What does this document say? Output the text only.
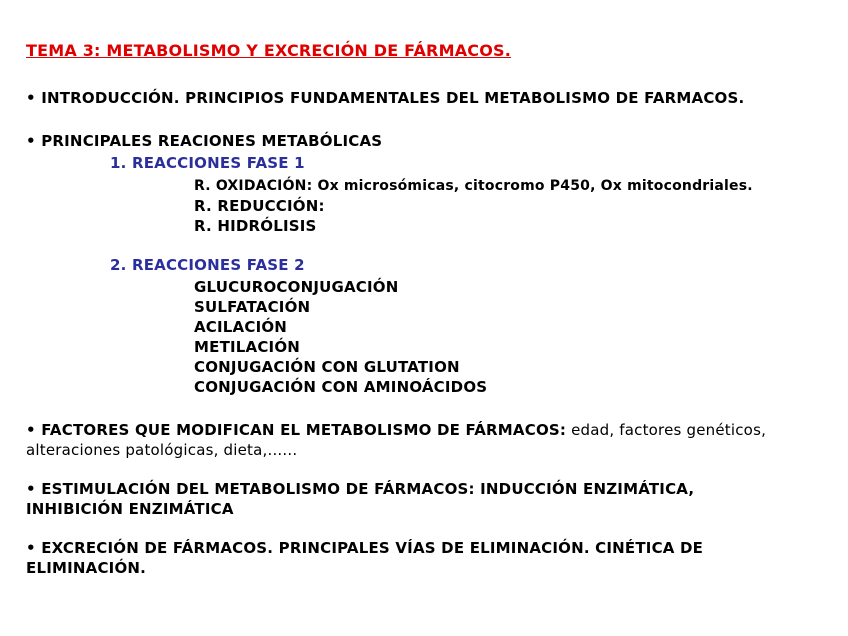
TEMA 3: METABOLISMO Y EXCRECIÓN DE FÁRMACOS.
• INTRODUCCIÓN. PRINCIPIOS FUNDAMENTALES DEL METABOLISMO DE FARMACOS.
• PRINCIPALES REACIONES METABÓLICAS
1. REACCIONES FASE 1
R. OXIDACIÓN: Ox microsómicas, citocromo P450, Ox mitocondriales.
R. REDUCCIÓN:
R. HIDRÓLISIS
2. REACCIONES FASE 2
GLUCUROCONJUGACIÓN
SULFATACIÓN
ACILACIÓN
METILACIÓN
CONJUGACIÓN CON GLUTATION
CONJUGACIÓN CON AMINOÁCIDOS
• FACTORES QUE MODIFICAN EL METABOLISMO DE FÁRMACOS: edad, factores genéticos,
alteraciones patológicas, dieta,......
• ESTIMULACIÓN DEL METABOLISMO DE FÁRMACOS: INDUCCIÓN ENZIMÁTICA,
INHIBICIÓN ENZIMÁTICA
• EXCRECIÓN DE FÁRMACOS. PRINCIPALES VÍAS DE ELIMINACIÓN. CINÉTICA DE
ELIMINACIÓN.
